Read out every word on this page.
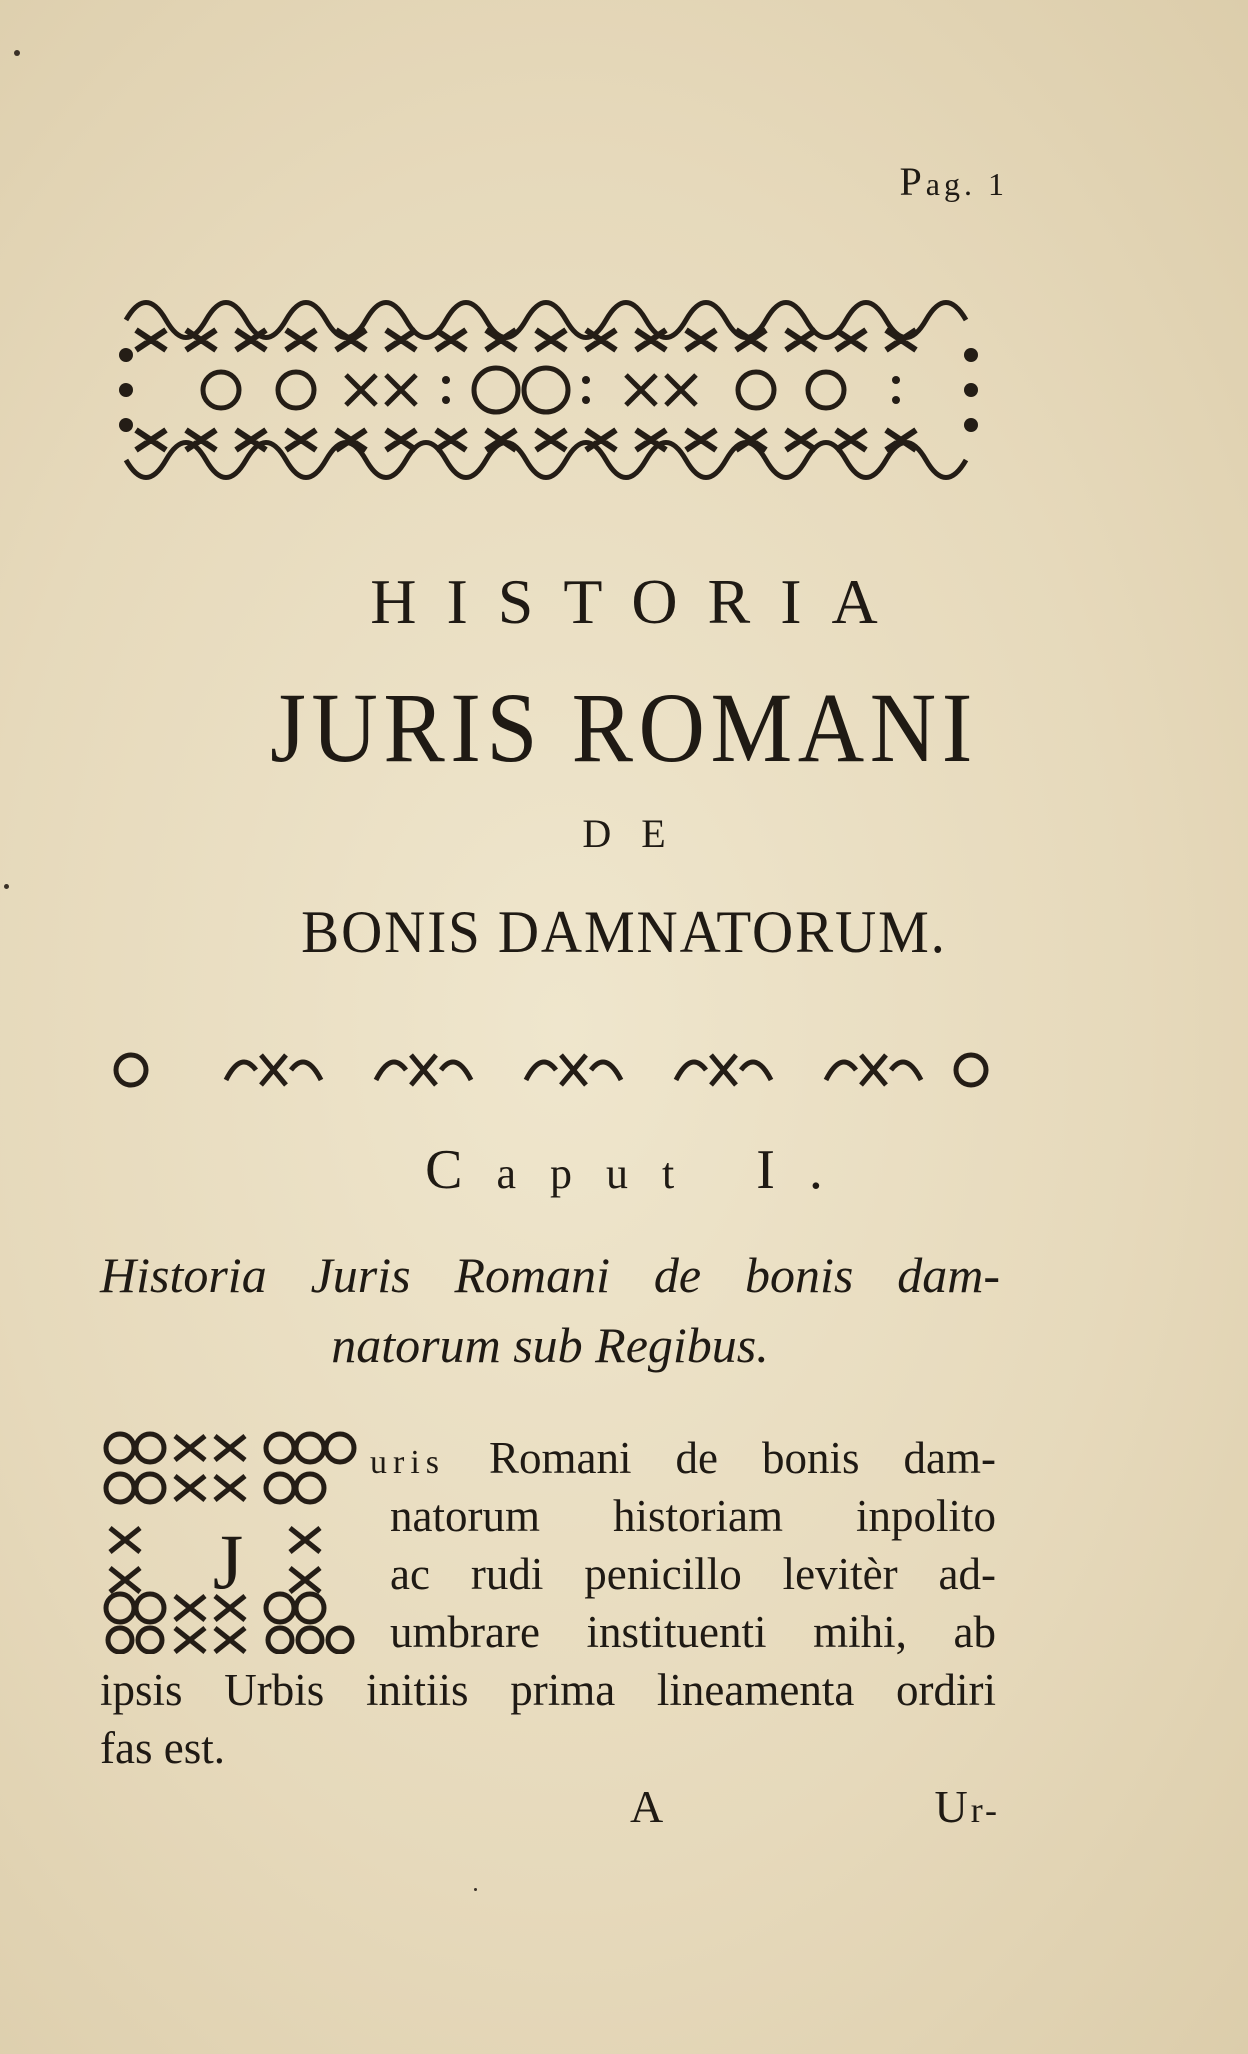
Pag. 1
HISTORIA
JURIS ROMANI
DE
BONIS DAMNATORUM.
Caput I.
Historia Juris Romani de bonis dam-
natorum sub Regibus.
J
uris Romani de bonis dam-
natorum historiam inpolito
ac rudi penicillo levitèr ad-
umbrare instituenti mihi, ab
ipsis Urbis initiis prima lineamenta ordiri
fas est.
A	Ur-
